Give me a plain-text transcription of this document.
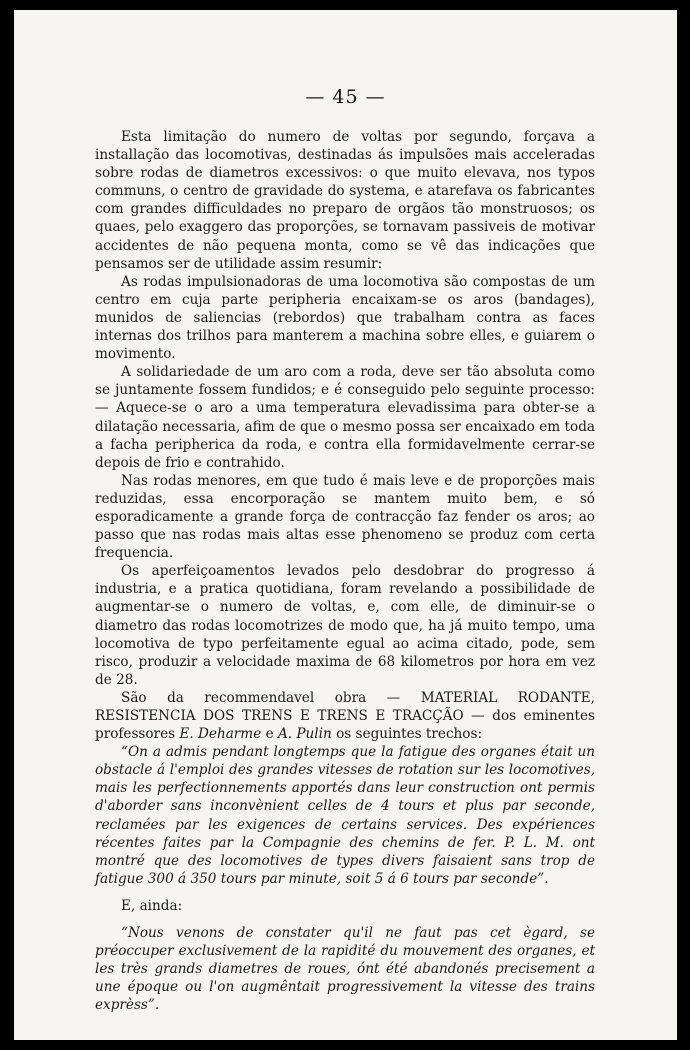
— 45 —

Esta limitação do numero de voltas por segundo, forçava a installação das locomotivas, destinadas ás impulsões mais acceleradas sobre rodas de diametros excessivos: o que muito elevava, nos typos communs, o centro de gravidade do systema, e atarefava os fabricantes com grandes difficuldades no preparo de orgãos tão monstruosos; os quaes, pelo exaggero das proporções, se tornavam passiveis de motivar accidentes de não pequena monta, como se vê das indicações que pensamos ser de utilidade assim resumir:

As rodas impulsionadoras de uma locomotiva são compostas de um centro em cuja parte peripheria encaixam-se os aros (bandages), munidos de saliencias (rebordos) que trabalham contra as faces internas dos trilhos para manterem a machina sobre elles, e guiarem o movimento.

A solidariedade de um aro com a roda, deve ser tão absoluta como se juntamente fossem fundidos; e é conseguido pelo seguinte processo: — Aquece-se o aro a uma temperatura elevadissima para obter-se a dilatação necessaria, afim de que o mesmo possa ser encaixado em toda a facha peripherica da roda, e contra ella formidavelmente cerrar-se depois de frio e contrahido.

Nas rodas menores, em que tudo é mais leve e de proporções mais reduzidas, essa encorporação se mantem muito bem, e só esporadicamente a grande força de contracção faz fender os aros; ao passo que nas rodas mais altas esse phenomeno se produz com certa frequencia.

Os aperfeiçoamentos levados pelo desdobrar do progresso á industria, e a pratica quotidiana, foram revelando a possibilidade de augmentar-se o numero de voltas, e, com elle, de diminuir-se o diametro das rodas locomotrizes de modo que, ha já muito tempo, uma locomotiva de typo perfeitamente egual ao acima citado, pode, sem risco, produzir a velocidade maxima de 68 kilometros por hora em vez de 28.

São da recommendavel obra — MATERIAL RODANTE, RESISTENCIA DOS TRENS E TRENS E TRACÇÃO — dos eminentes professores E. Deharme e A. Pulin os seguintes trechos:

“On a admis pendant longtemps que la fatigue des organes était un obstacle á l'emploi des grandes vitesses de rotation sur les locomotives, mais les perfectionnements apportés dans leur construction ont permis d'aborder sans inconvènient celles de 4 tours et plus par seconde, reclamées par les exigences de certains services. Des expériences récentes faites par la Compagnie des chemins de fer. P. L. M. ont montré que des locomotives de types divers faisaient sans trop de fatigue 300 á 350 tours par minute, soit 5 á 6 tours par seconde”.

E, ainda:

“Nous venons de constater qu'il ne faut pas cet ègard, se préoccuper exclusivement de la rapidité du mouvement des organes, et les très grands diametres de roues, ónt été abandonés precisement a une époque ou l'on augmêntait progressivement la vitesse des trains exprèss”.
